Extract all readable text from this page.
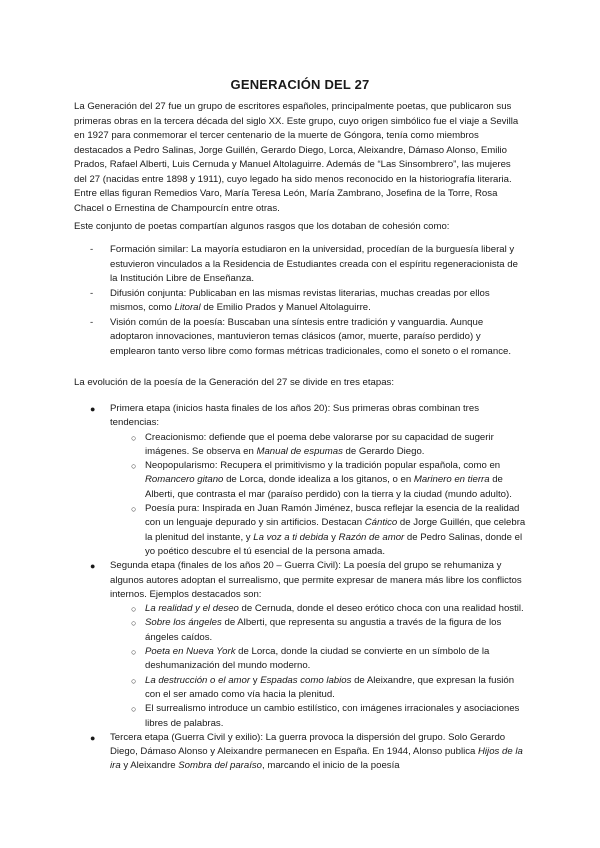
GENERACIÓN DEL 27

La Generación del 27 fue un grupo de escritores españoles, principalmente poetas, que publicaron sus primeras obras en la tercera década del siglo XX. Este grupo, cuyo origen simbólico fue el viaje a Sevilla en 1927 para conmemorar el tercer centenario de la muerte de Góngora, tenía como miembros destacados a Pedro Salinas, Jorge Guillén, Gerardo Diego, Lorca, Aleixandre, Dámaso Alonso, Emilio Prados, Rafael Alberti, Luis Cernuda y Manuel Altolaguirre. Además de “Las Sinsombrero”, las mujeres del 27 (nacidas entre 1898 y 1911), cuyo legado ha sido menos reconocido en la historiografía literaria. Entre ellas figuran Remedios Varo, María Teresa León, María Zambrano, Josefina de la Torre, Rosa Chacel o Ernestina de Champourcín entre otras.

Este conjunto de poetas compartían algunos rasgos que los dotaban de cohesión como:

- Formación similar: La mayoría estudiaron en la universidad, procedían de la burguesía liberal y estuvieron vinculados a la Residencia de Estudiantes creada con el espíritu regeneracionista de la Institución Libre de Enseñanza.
- Difusión conjunta: Publicaban en las mismas revistas literarias, muchas creadas por ellos mismos, como Litoral de Emilio Prados y Manuel Altolaguirre.
- Visión común de la poesía: Buscaban una síntesis entre tradición y vanguardia. Aunque adoptaron innovaciones, mantuvieron temas clásicos (amor, muerte, paraíso perdido) y emplearon tanto verso libre como formas métricas tradicionales, como el soneto o el romance.

La evolución de la poesía de la Generación del 27 se divide en tres etapas:

● Primera etapa (inicios hasta finales de los años 20): Sus primeras obras combinan tres tendencias:
○ Creacionismo: defiende que el poema debe valorarse por su capacidad de sugerir imágenes. Se observa en Manual de espumas de Gerardo Diego.
○ Neopopularismo: Recupera el primitivismo y la tradición popular española, como en Romancero gitano de Lorca, donde idealiza a los gitanos, o en Marinero en tierra de Alberti, que contrasta el mar (paraíso perdido) con la tierra y la ciudad (mundo adulto).
○ Poesía pura: Inspirada en Juan Ramón Jiménez, busca reflejar la esencia de la realidad con un lenguaje depurado y sin artificios. Destacan Cántico de Jorge Guillén, que celebra la plenitud del instante, y La voz a ti debida y Razón de amor de Pedro Salinas, donde el yo poético descubre el tú esencial de la persona amada.
● Segunda etapa (finales de los años 20 – Guerra Civil): La poesía del grupo se rehumaniza y algunos autores adoptan el surrealismo, que permite expresar de manera más libre los conflictos internos. Ejemplos destacados son:
○ La realidad y el deseo de Cernuda, donde el deseo erótico choca con una realidad hostil.
○ Sobre los ángeles de Alberti, que representa su angustia a través de la figura de los ángeles caídos.
○ Poeta en Nueva York de Lorca, donde la ciudad se convierte en un símbolo de la deshumanización del mundo moderno.
○ La destrucción o el amor y Espadas como labios de Aleixandre, que expresan la fusión con el ser amado como vía hacia la plenitud.
○ El surrealismo introduce un cambio estilístico, con imágenes irracionales y asociaciones libres de palabras.
● Tercera etapa (Guerra Civil y exilio): La guerra provoca la dispersión del grupo. Solo Gerardo Diego, Dámaso Alonso y Aleixandre permanecen en España. En 1944, Alonso publica Hijos de la ira y Aleixandre Sombra del paraíso, marcando el inicio de la poesía
